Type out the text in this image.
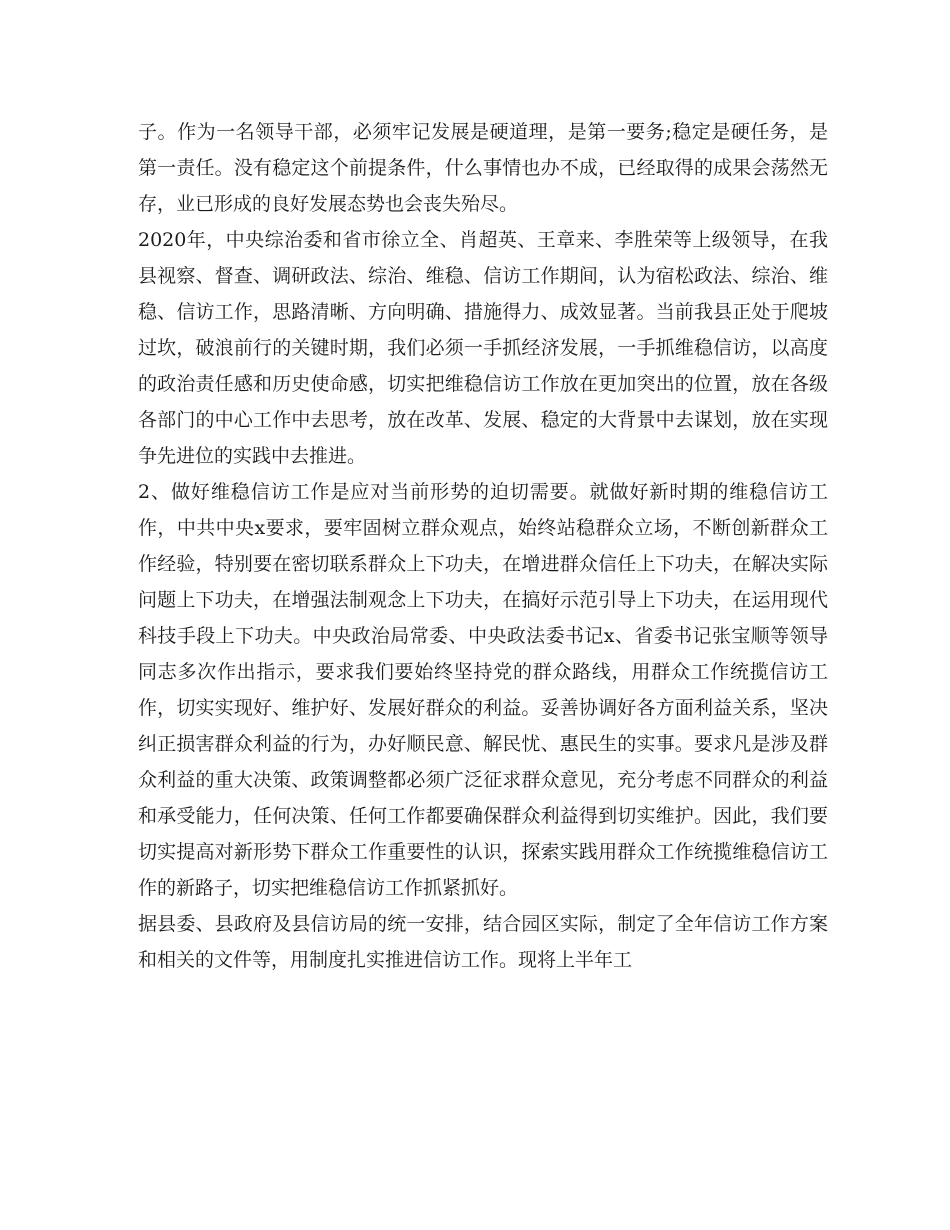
子。作为一名领导干部，必须牢记发展是硬道理，是第一要务;稳定是硬任务，是第一责任。没有稳定这个前提条件，什么事情也办不成，已经取得的成果会荡然无存，业已形成的良好发展态势也会丧失殆尽。

2020年，中央综治委和省市徐立全、肖超英、王章来、李胜荣等上级领导，在我县视察、督查、调研政法、综治、维稳、信访工作期间，认为宿松政法、综治、维稳、信访工作，思路清晰、方向明确、措施得力、成效显著。当前我县正处于爬坡过坎，破浪前行的关键时期，我们必须一手抓经济发展，一手抓维稳信访，以高度的政治责任感和历史使命感，切实把维稳信访工作放在更加突出的位置，放在各级各部门的中心工作中去思考，放在改革、发展、稳定的大背景中去谋划，放在实现争先进位的实践中去推进。

2、做好维稳信访工作是应对当前形势的迫切需要。就做好新时期的维稳信访工作，中共中央x要求，要牢固树立群众观点，始终站稳群众立场，不断创新群众工作经验，特别要在密切联系群众上下功夫，在增进群众信任上下功夫，在解决实际问题上下功夫，在增强法制观念上下功夫，在搞好示范引导上下功夫，在运用现代科技手段上下功夫。中央政治局常委、中央政法委书记x、省委书记张宝顺等领导同志多次作出指示，要求我们要始终坚持党的群众路线，用群众工作统揽信访工作，切实实现好、维护好、发展好群众的利益。妥善协调好各方面利益关系，坚决纠正损害群众利益的行为，办好顺民意、解民忧、惠民生的实事。要求凡是涉及群众利益的重大决策、政策调整都必须广泛征求群众意见，充分考虑不同群众的利益和承受能力，任何决策、任何工作都要确保群众利益得到切实维护。因此，我们要切实提高对新形势下群众工作重要性的认识，探索实践用群众工作统揽维稳信访工作的新路子，切实把维稳信访工作抓紧抓好。

据县委、县政府及县信访局的统一安排，结合园区实际，制定了全年信访工作方案和相关的文件等，用制度扎实推进信访工作。现将上半年工
